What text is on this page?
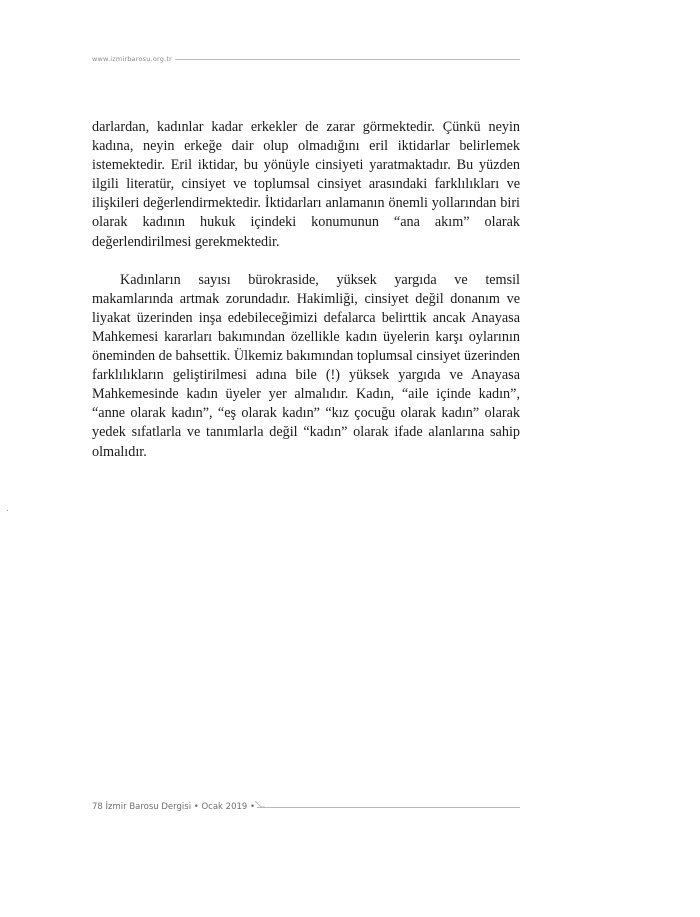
www.izmirbarosu.org.tr

darlardan, kadınlar kadar erkekler de zarar görmektedir. Çünkü neyin kadına, neyin erkeğe dair olup olmadığını eril iktidarlar belirlemek istemektedir. Eril iktidar, bu yönüyle cinsiyeti yaratmaktadır. Bu yüzden ilgili literatür, cinsiyet ve toplumsal cinsiyet arasındaki farklılıkları ve ilişkileri değerlendirmektedir. İktidarları anlamanın önemli yollarından biri olarak kadının hukuk içindeki konumunun “ana akım” olarak değerlendirilmesi gerekmektedir.

Kadınların sayısı bürokraside, yüksek yargıda ve temsil makamlarında artmak zorundadır. Hakimliği, cinsiyet değil donanım ve liyakat üzerinden inşa edebileceğimizi defalarca belirttik ancak Anayasa Mahkemesi kararları bakımından özellikle kadın üyelerin karşı oylarının öneminden de bahsettik. Ülkemiz bakımından toplumsal cinsiyet üzerinden farklılıkların geliştirilmesi adına bile (!) yüksek yargıda ve Anayasa Mahkemesinde kadın üyeler yer almalıdır. Kadın, “aile içinde kadın”, “anne olarak kadın”, “eş olarak kadın” “kız çocuğu olarak kadın” olarak yedek sıfatlarla ve tanımlarla değil “kadın” olarak ifade alanlarına sahip olmalıdır.

78 İzmir Barosu Dergisi • Ocak 2019 •
